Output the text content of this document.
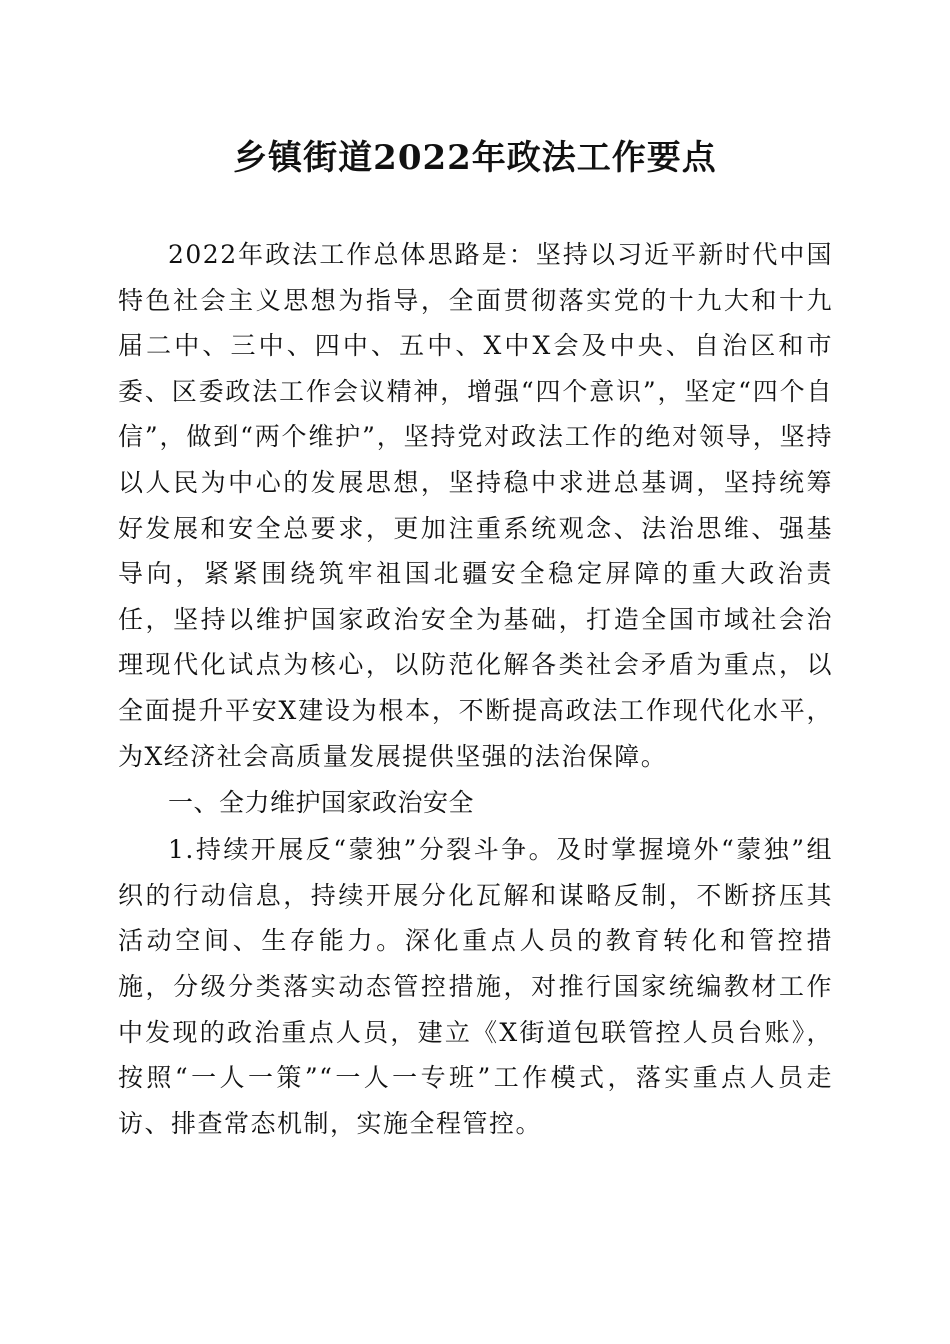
乡镇街道2022年政法工作要点

2022年政法工作总体思路是：坚持以习近平新时代中国特色社会主义思想为指导，全面贯彻落实党的十九大和十九届二中、三中、四中、五中、X中X会及中央、自治区和市委、区委政法工作会议精神，增强“四个意识”，坚定“四个自信”，做到“两个维护”，坚持党对政法工作的绝对领导，坚持以人民为中心的发展思想，坚持稳中求进总基调，坚持统筹好发展和安全总要求，更加注重系统观念、法治思维、强基导向，紧紧围绕筑牢祖国北疆安全稳定屏障的重大政治责任，坚持以维护国家政治安全为基础，打造全国市域社会治理现代化试点为核心，以防范化解各类社会矛盾为重点，以全面提升平安X建设为根本，不断提高政法工作现代化水平，为X经济社会高质量发展提供坚强的法治保障。

一、全力维护国家政治安全

1.持续开展反“蒙独”分裂斗争。及时掌握境外“蒙独”组织的行动信息，持续开展分化瓦解和谋略反制，不断挤压其活动空间、生存能力。深化重点人员的教育转化和管控措施，分级分类落实动态管控措施，对推行国家统编教材工作中发现的政治重点人员，建立《X街道包联管控人员台账》，按照“一人一策”“一人一专班”工作模式，落实重点人员走访、排查常态机制，实施全程管控。
